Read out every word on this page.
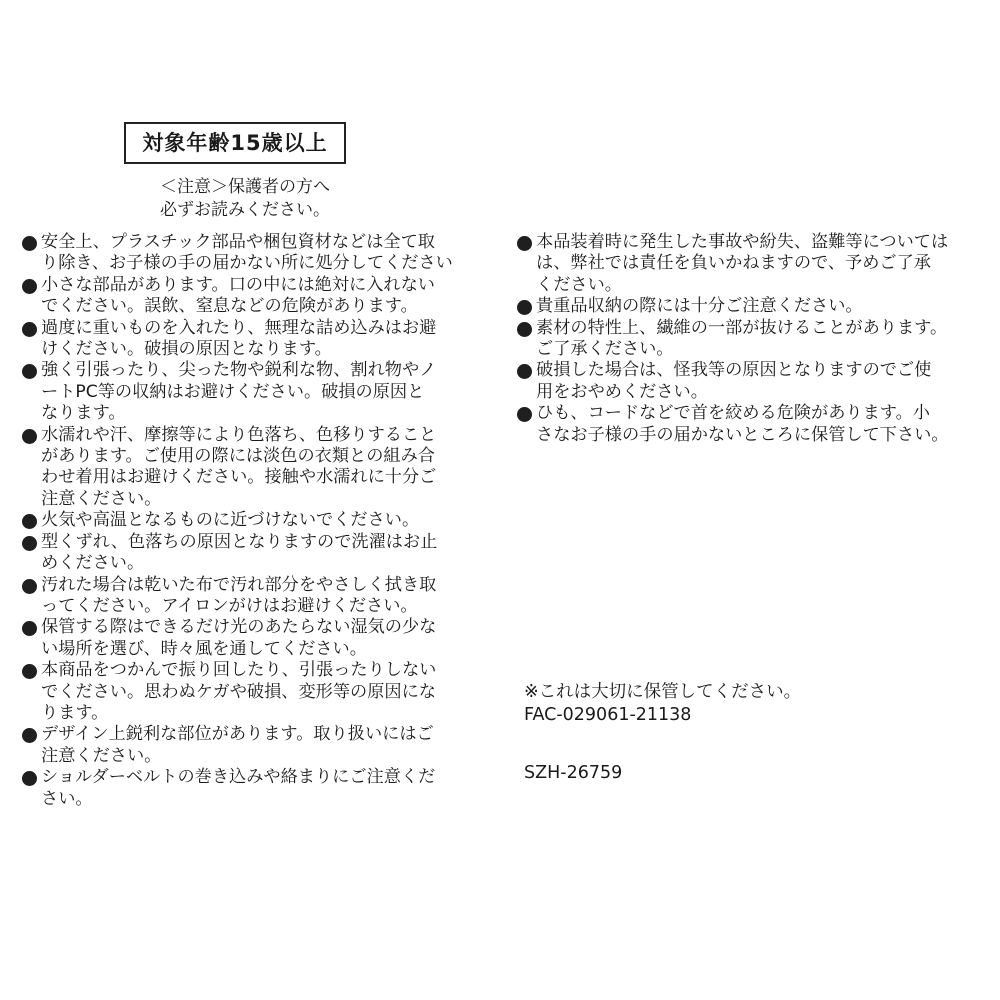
対象年齢15歳以上
＜注意＞保護者の方へ
必ずお読みください。
安全上、プラスチック部品や梱包資材などは全て取
り除き、お子様の手の届かない所に処分してください
小さな部品があります。口の中には絶対に入れない
でください。誤飲、窒息などの危険があります。
過度に重いものを入れたり、無理な詰め込みはお避
けください。破損の原因となります。
強く引張ったり、尖った物や鋭利な物、割れ物やノ
ートPC等の収納はお避けください。破損の原因と
なります。
水濡れや汗、摩擦等により色落ち、色移りすること
があります。ご使用の際には淡色の衣類との組み合
わせ着用はお避けください。接触や水濡れに十分ご
注意ください。
火気や高温となるものに近づけないでください。
型くずれ、色落ちの原因となりますので洗濯はお止
めください。
汚れた場合は乾いた布で汚れ部分をやさしく拭き取
ってください。アイロンがけはお避けください。
保管する際はできるだけ光のあたらない湿気の少な
い場所を選び、時々風を通してください。
本商品をつかんで振り回したり、引張ったりしない
でください。思わぬケガや破損、変形等の原因にな
ります。
デザイン上鋭利な部位があります。取り扱いにはご
注意ください。
ショルダーベルトの巻き込みや絡まりにご注意くだ
さい。
本品装着時に発生した事故や紛失、盗難等については
は、弊社では責任を負いかねますので、予めご了承
ください。
貴重品収納の際には十分ご注意ください。
素材の特性上、繊維の一部が抜けることがあります。
ご了承ください。
破損した場合は、怪我等の原因となりますのでご使
用をおやめください。
ひも、コードなどで首を絞める危険があります。小
さなお子様の手の届かないところに保管して下さい。
※これは大切に保管してください。
FAC-029061-21138
SZH-26759
